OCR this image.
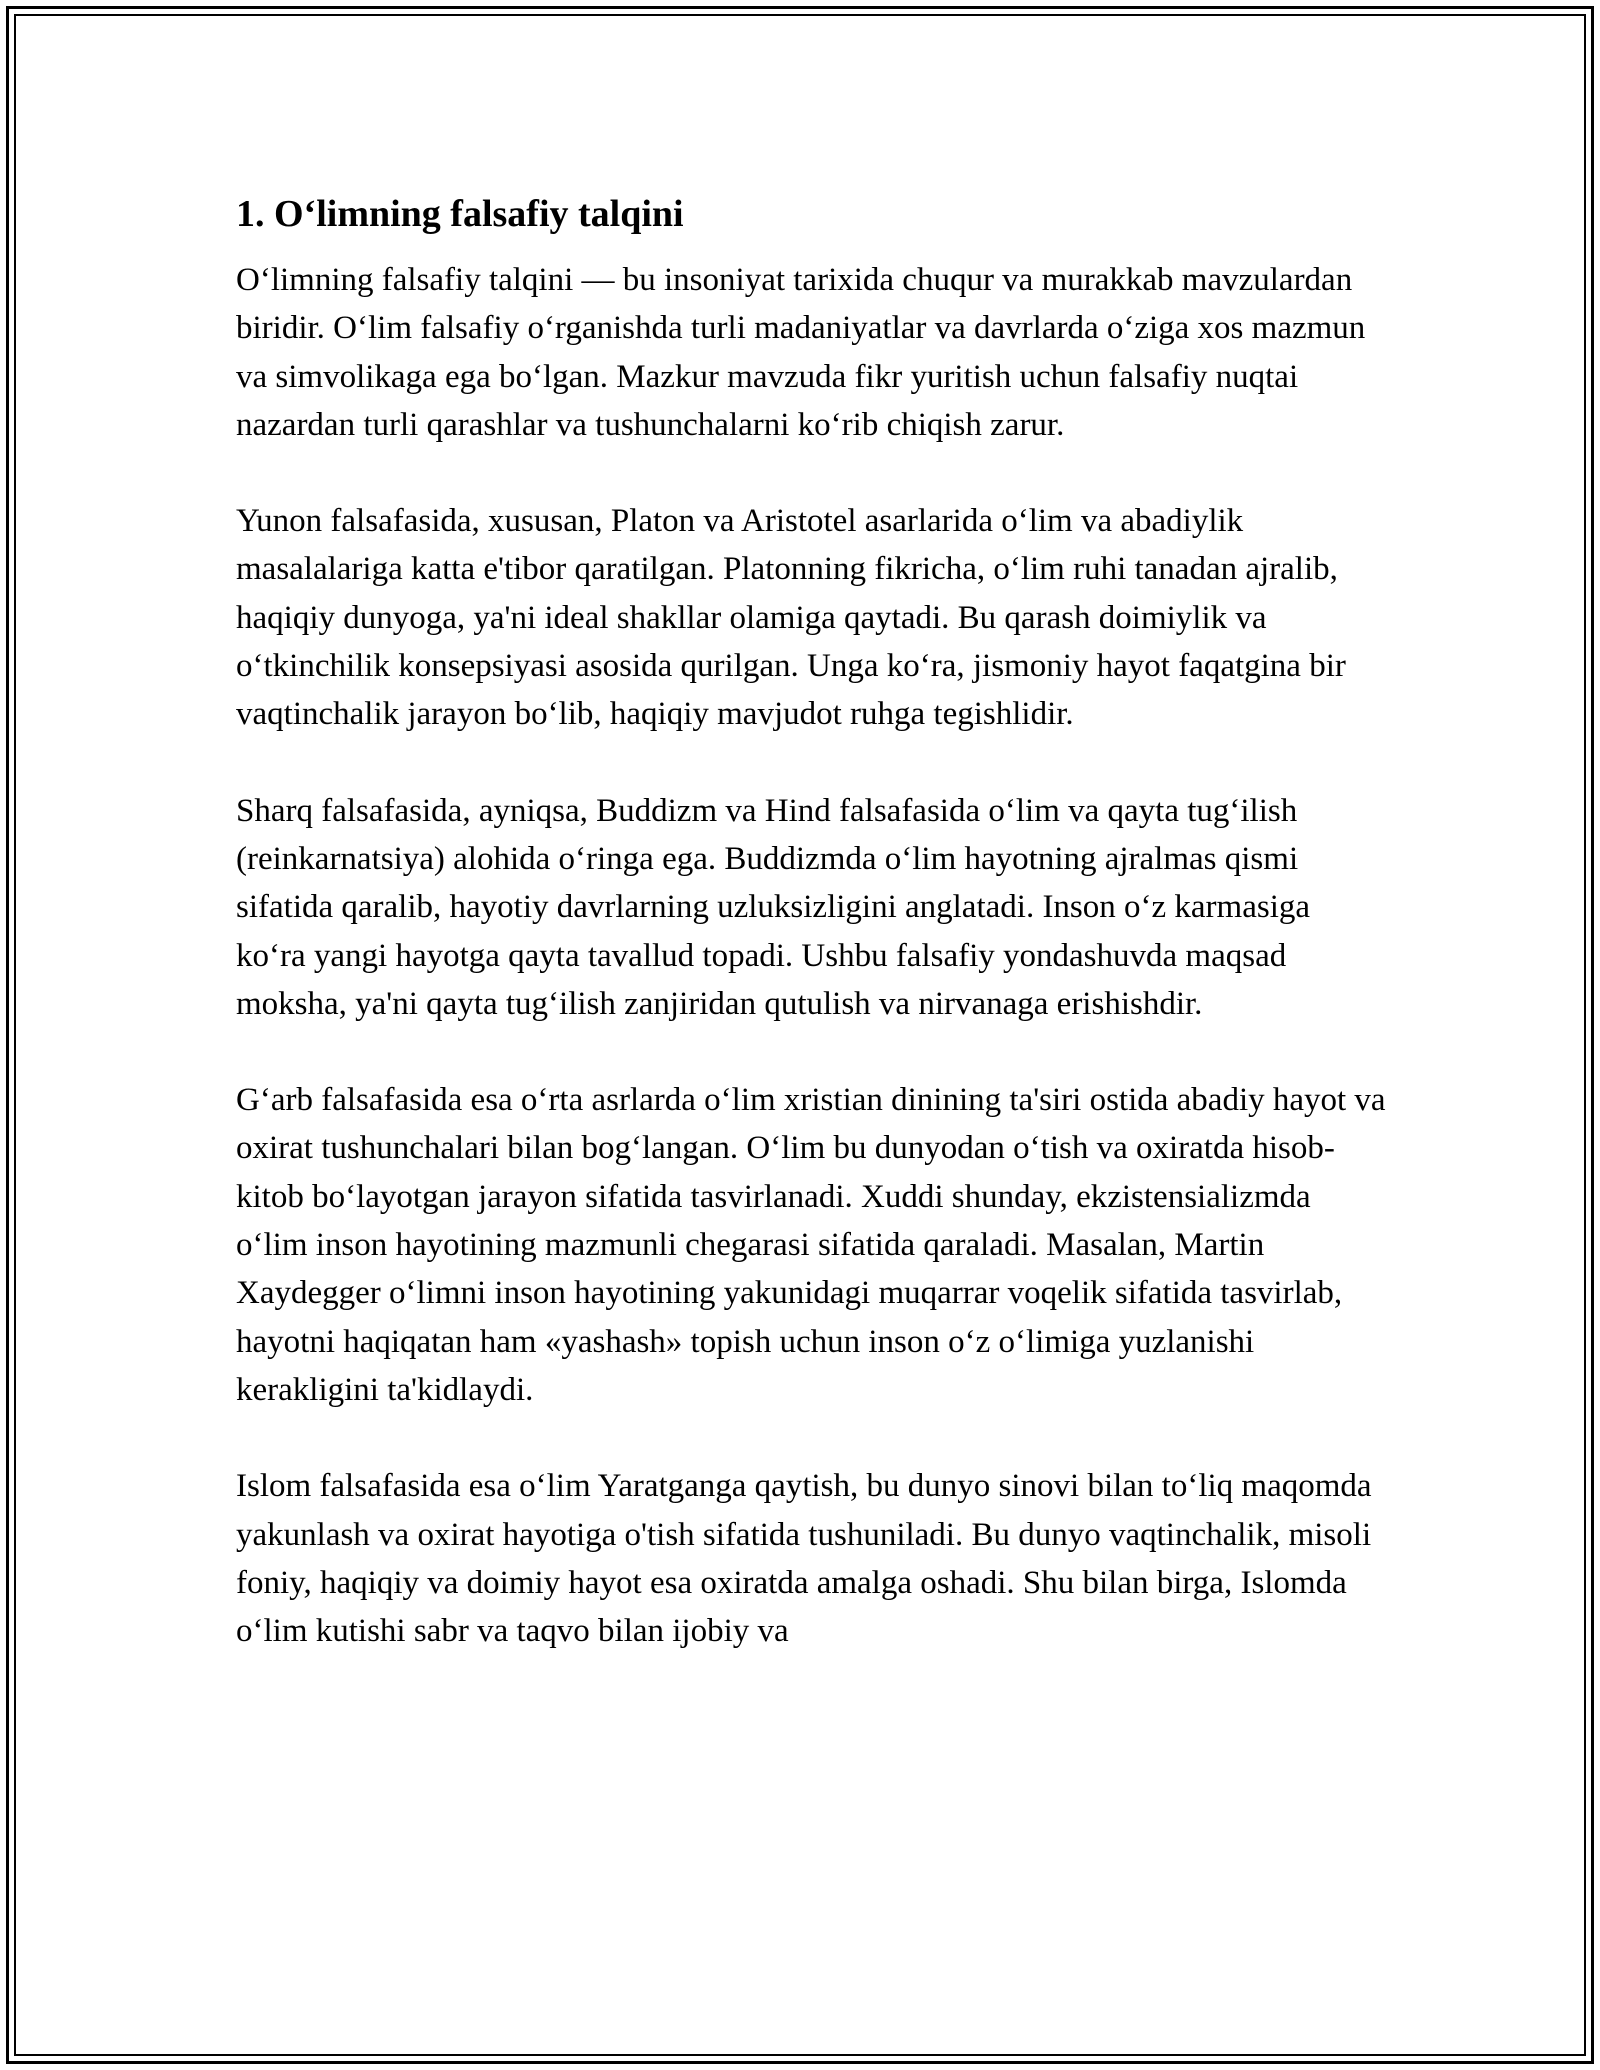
1. O‘limning falsafiy talqini

O‘limning falsafiy talqini — bu insoniyat tarixida chuqur va murakkab mavzulardan biridir. O‘lim falsafiy o‘rganishda turli madaniyatlar va davrlarda o‘ziga xos mazmun va simvolikaga ega bo‘lgan. Mazkur mavzuda fikr yuritish uchun falsafiy nuqtai nazardan turli qarashlar va tushunchalarni ko‘rib chiqish zarur.

Yunon falsafasida, xususan, Platon va Aristotel asarlarida o‘lim va abadiylik masalalariga katta e'tibor qaratilgan. Platonning fikricha, o‘lim ruhi tanadan ajralib, haqiqiy dunyoga, ya'ni ideal shakllar olamiga qaytadi. Bu qarash doimiylik va o‘tkinchilik konsepsiyasi asosida qurilgan. Unga ko‘ra, jismoniy hayot faqatgina bir vaqtinchalik jarayon bo‘lib, haqiqiy mavjudot ruhga tegishlidir.

Sharq falsafasida, ayniqsa, Buddizm va Hind falsafasida o‘lim va qayta tug‘ilish (reinkarnatsiya) alohida o‘ringa ega. Buddizmda o‘lim hayotning ajralmas qismi sifatida qaralib, hayotiy davrlarning uzluksizligini anglatadi. Inson o‘z karmasiga ko‘ra yangi hayotga qayta tavallud topadi. Ushbu falsafiy yondashuvda maqsad moksha, ya'ni qayta tug‘ilish zanjiridan qutulish va nirvanaga erishishdir.

G‘arb falsafasida esa o‘rta asrlarda o‘lim xristian dinining ta'siri ostida abadiy hayot va oxirat tushunchalari bilan bog‘langan. O‘lim bu dunyodan o‘tish va oxiratda hisob-kitob bo‘layotgan jarayon sifatida tasvirlanadi. Xuddi shunday, ekzistensializmda o‘lim inson hayotining mazmunli chegarasi sifatida qaraladi. Masalan, Martin Xaydegger o‘limni inson hayotining yakunidagi muqarrar voqelik sifatida tasvirlab, hayotni haqiqatan ham «yashash» topish uchun inson o‘z o‘limiga yuzlanishi kerakligini ta'kidlaydi.

Islom falsafasida esa o‘lim Yaratganga qaytish, bu dunyo sinovi bilan to‘liq maqomda yakunlash va oxirat hayotiga o'tish sifatida tushuniladi. Bu dunyo vaqtinchalik, misoli foniy, haqiqiy va doimiy hayot esa oxiratda amalga oshadi. Shu bilan birga, Islomda o‘lim kutishi sabr va taqvo bilan ijobiy va
